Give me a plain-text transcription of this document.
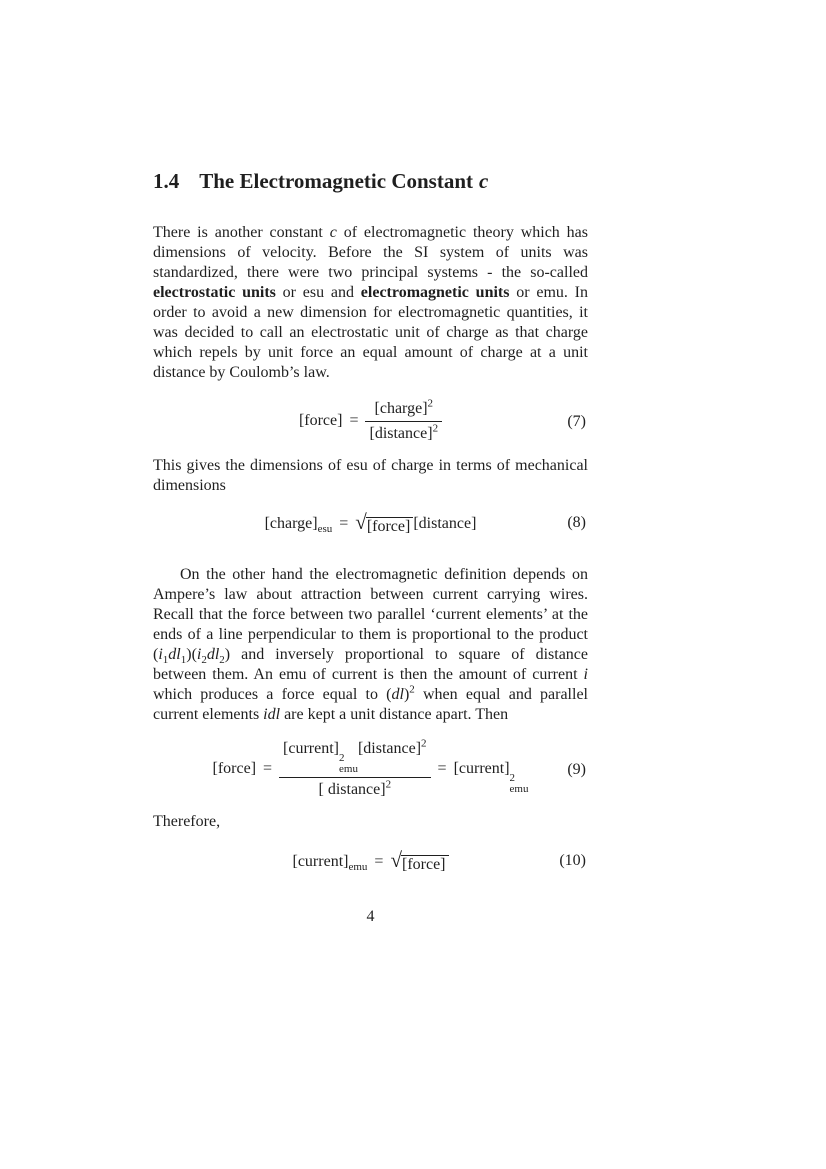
1.4 The Electromagnetic Constant c

There is another constant c of electromagnetic theory which has dimensions of velocity. Before the SI system of units was standardized, there were two principal systems - the so-called electrostatic units or esu and electromagnetic units or emu. In order to avoid a new dimension for electromagnetic quantities, it was decided to call an electrostatic unit of charge as that charge which repels by unit force an equal amount of charge at a unit distance by Coulomb’s law.

[force] = $\frac{[charge]^2}{[distance]^2}$	(7)

This gives the dimensions of esu of charge in terms of mechanical dimensions

$[charge]_{esu}$ = √[force] [distance]	(8)

On the other hand the electromagnetic definition depends on Ampere’s law about attraction between current carrying wires. Recall that the force between two parallel ‘current elements’ at the ends of a line perpendicular to them is proportional to the product $(i_1dl_1)(i_2dl_2)$ and inversely proportional to square of distance between them. An emu of current is then the amount of current i which produces a force equal to (dl)$^2$ when equal and parallel current elements idl are kept a unit distance apart. Then

[force] = [current]
2
emu
[distance]$^2$
[ distance]$^2$ = [current]
2
emu
(9)

Therefore,

$[current]_{emu}$ = √[force]	(10)
4
